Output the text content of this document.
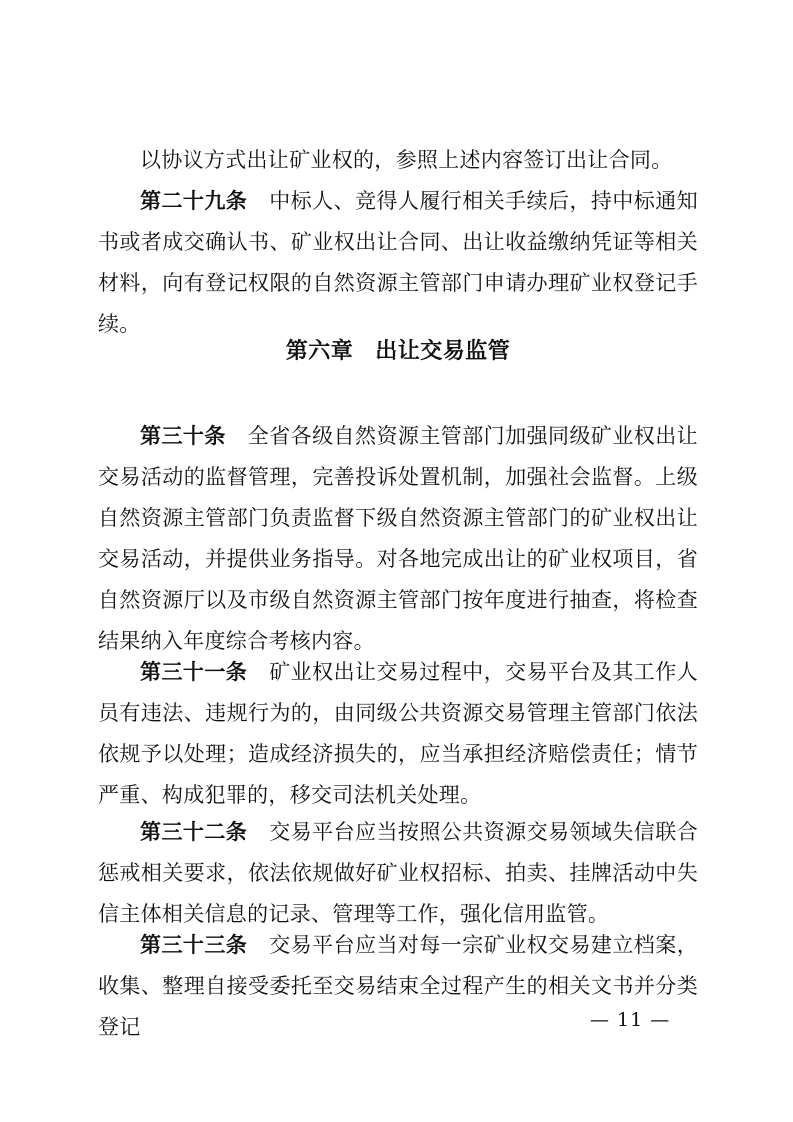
以协议方式出让矿业权的，参照上述内容签订出让合同。

第二十九条 中标人、竞得人履行相关手续后，持中标通知书或者成交确认书、矿业权出让合同、出让收益缴纳凭证等相关材料，向有登记权限的自然资源主管部门申请办理矿业权登记手续。

第六章 出让交易监管

第三十条 全省各级自然资源主管部门加强同级矿业权出让交易活动的监督管理，完善投诉处置机制，加强社会监督。上级自然资源主管部门负责监督下级自然资源主管部门的矿业权出让交易活动，并提供业务指导。对各地完成出让的矿业权项目，省自然资源厅以及市级自然资源主管部门按年度进行抽查，将检查结果纳入年度综合考核内容。

第三十一条 矿业权出让交易过程中，交易平台及其工作人员有违法、违规行为的，由同级公共资源交易管理主管部门依法依规予以处理；造成经济损失的，应当承担经济赔偿责任；情节严重、构成犯罪的，移交司法机关处理。

第三十二条 交易平台应当按照公共资源交易领域失信联合惩戒相关要求，依法依规做好矿业权招标、拍卖、挂牌活动中失信主体相关信息的记录、管理等工作，强化信用监管。

第三十三条 交易平台应当对每一宗矿业权交易建立档案，收集、整理自接受委托至交易结束全过程产生的相关文书并分类登记	— 11 —
